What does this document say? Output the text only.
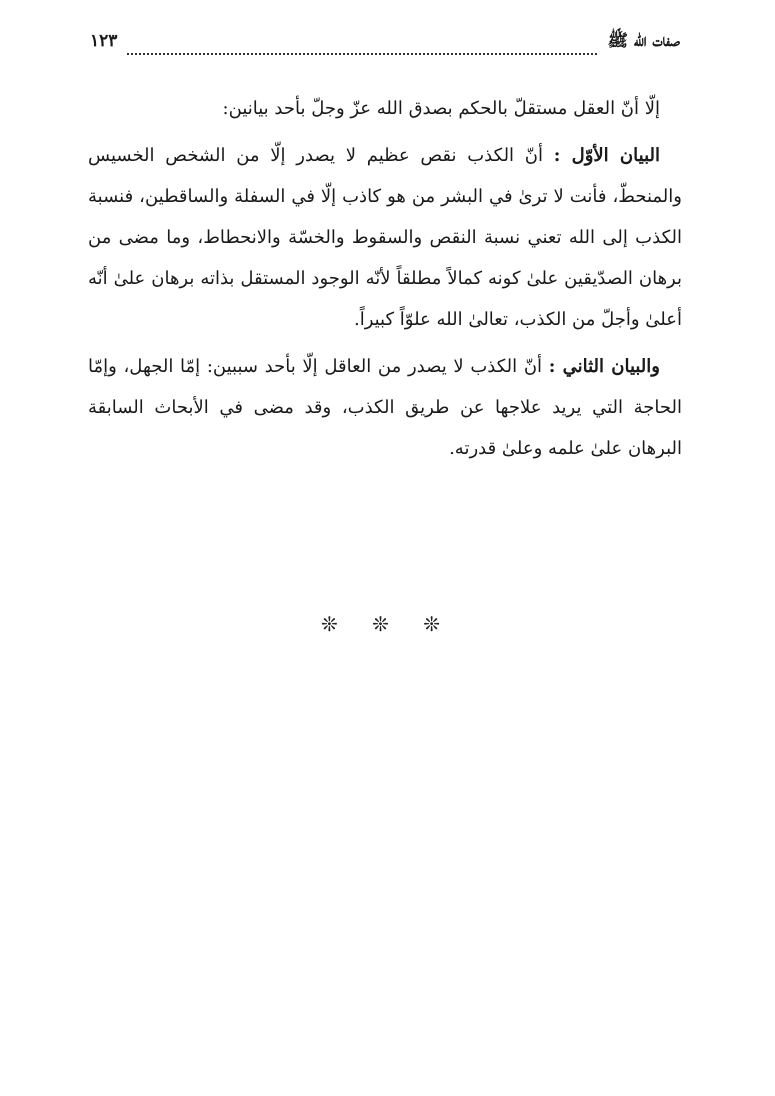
صفات الله ﷺ
١٢٣

إلّا أنّ العقل مستقلّ بالحكم بصدق الله عزّ وجلّ بأحد بيانين:

البيان الأوّل : أنّ الكذب نقص عظيم لا يصدر إلّا من الشخص الخسيس والمنحطّ، فأنت لا ترىٰ في البشر من هو كاذب إلّا في السفلة والساقطين، فنسبة الكذب إلى الله تعني نسبة النقص والسقوط والخسّة والانحطاط، وما مضى من برهان الصدّيقين علىٰ كونه كمالاً مطلقاً لأنّه الوجود المستقل بذاته برهان علىٰ أنّه أعلىٰ وأجلّ من الكذب، تعالىٰ الله علوّاً كبيراً.

والبيان الثاني : أنّ الكذب لا يصدر من العاقل إلّا بأحد سببين: إمّا الجهل، وإمّا الحاجة التي يريد علاجها عن طريق الكذب، وقد مضى في الأبحاث السابقة البرهان علىٰ علمه وعلىٰ قدرته.

❊ ❊ ❊
